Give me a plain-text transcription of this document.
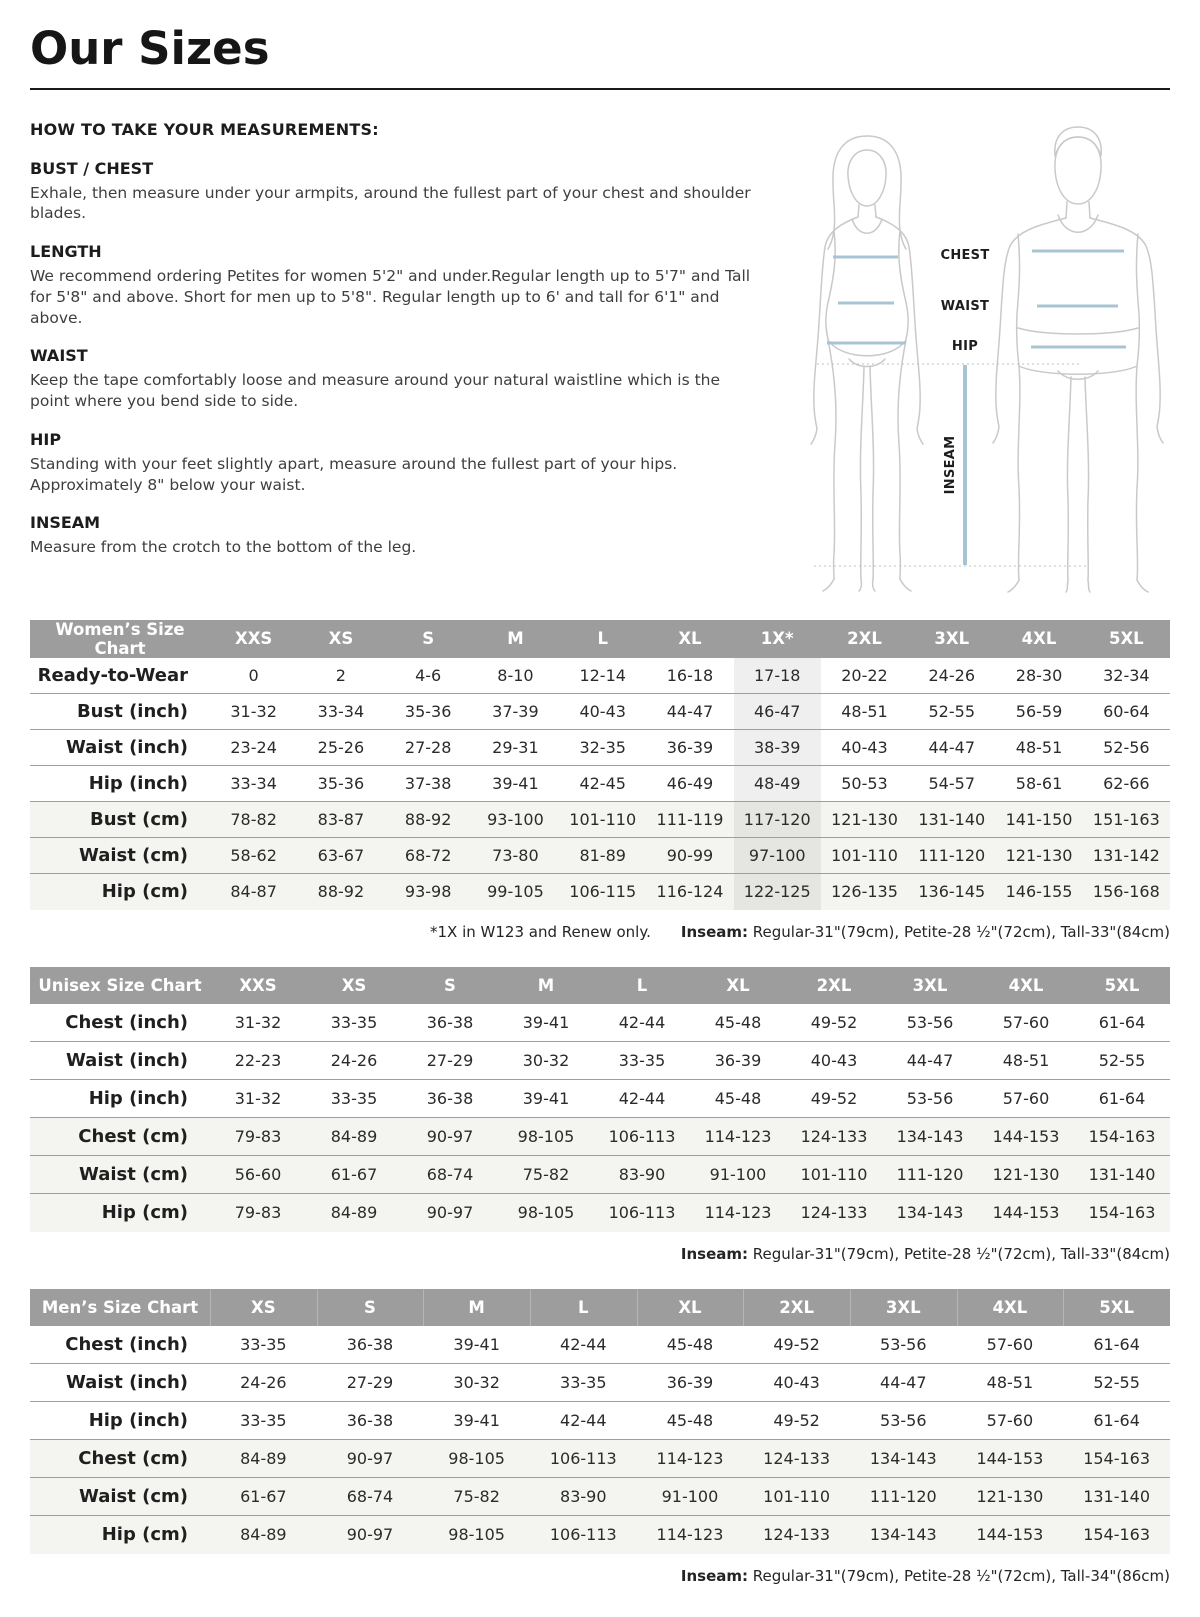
Our Sizes
HOW TO TAKE YOUR MEASUREMENTS:
BUST / CHEST

Exhale, then measure under your armpits, around the fullest part of your chest and shoulder blades.

LENGTH

We recommend ordering Petites for women 5'2" and under.Regular length up to 5'7" and Tall for 5'8" and above. Short for men up to 5'8". Regular length up to 6' and tall for 6'1" and above.

WAIST

Keep the tape comfortably loose and measure around your natural waistline which is the point where you bend side to side.

HIP

Standing with your feet slightly apart, measure around the fullest part of your hips. Approximately 8" below your waist.

INSEAM

Measure from the crotch to the bottom of the leg.

CHEST
WAIST
HIP
INSEAM
Women’s Size Chart	XXS	XS	S	M	L	XL	1X*	2XL	3XL	4XL	5XL
Ready-to-Wear	0	2	4-6	8-10	12-14	16-18	17-18	20-22	24-26	28-30	32-34
Bust (inch)	31-32	33-34	35-36	37-39	40-43	44-47	46-47	48-51	52-55	56-59	60-64
Waist (inch)	23-24	25-26	27-28	29-31	32-35	36-39	38-39	40-43	44-47	48-51	52-56
Hip (inch)	33-34	35-36	37-38	39-41	42-45	46-49	48-49	50-53	54-57	58-61	62-66
Bust (cm)	78-82	83-87	88-92	93-100	101-110	111-119	117-120	121-130	131-140	141-150	151-163
Waist (cm)	58-62	63-67	68-72	73-80	81-89	90-99	97-100	101-110	111-120	121-130	131-142
Hip (cm)	84-87	88-92	93-98	99-105	106-115	116-124	122-125	126-135	136-145	146-155	156-168
*1X in W123 and Renew only. Inseam: Regular-31"(79cm), Petite-28 ½"(72cm), Tall-33"(84cm)
Unisex Size Chart	XXS	XS	S	M	L	XL	2XL	3XL	4XL	5XL
Chest (inch)	31-32	33-35	36-38	39-41	42-44	45-48	49-52	53-56	57-60	61-64
Waist (inch)	22-23	24-26	27-29	30-32	33-35	36-39	40-43	44-47	48-51	52-55
Hip (inch)	31-32	33-35	36-38	39-41	42-44	45-48	49-52	53-56	57-60	61-64
Chest (cm)	79-83	84-89	90-97	98-105	106-113	114-123	124-133	134-143	144-153	154-163
Waist (cm)	56-60	61-67	68-74	75-82	83-90	91-100	101-110	111-120	121-130	131-140
Hip (cm)	79-83	84-89	90-97	98-105	106-113	114-123	124-133	134-143	144-153	154-163
Inseam: Regular-31"(79cm), Petite-28 ½"(72cm), Tall-33"(84cm)
Men’s Size Chart	XS	S	M	L	XL	2XL	3XL	4XL	5XL
Chest (inch)	33-35	36-38	39-41	42-44	45-48	49-52	53-56	57-60	61-64
Waist (inch)	24-26	27-29	30-32	33-35	36-39	40-43	44-47	48-51	52-55
Hip (inch)	33-35	36-38	39-41	42-44	45-48	49-52	53-56	57-60	61-64
Chest (cm)	84-89	90-97	98-105	106-113	114-123	124-133	134-143	144-153	154-163
Waist (cm)	61-67	68-74	75-82	83-90	91-100	101-110	111-120	121-130	131-140
Hip (cm)	84-89	90-97	98-105	106-113	114-123	124-133	134-143	144-153	154-163
Inseam: Regular-31"(79cm), Petite-28 ½"(72cm), Tall-34"(86cm)
